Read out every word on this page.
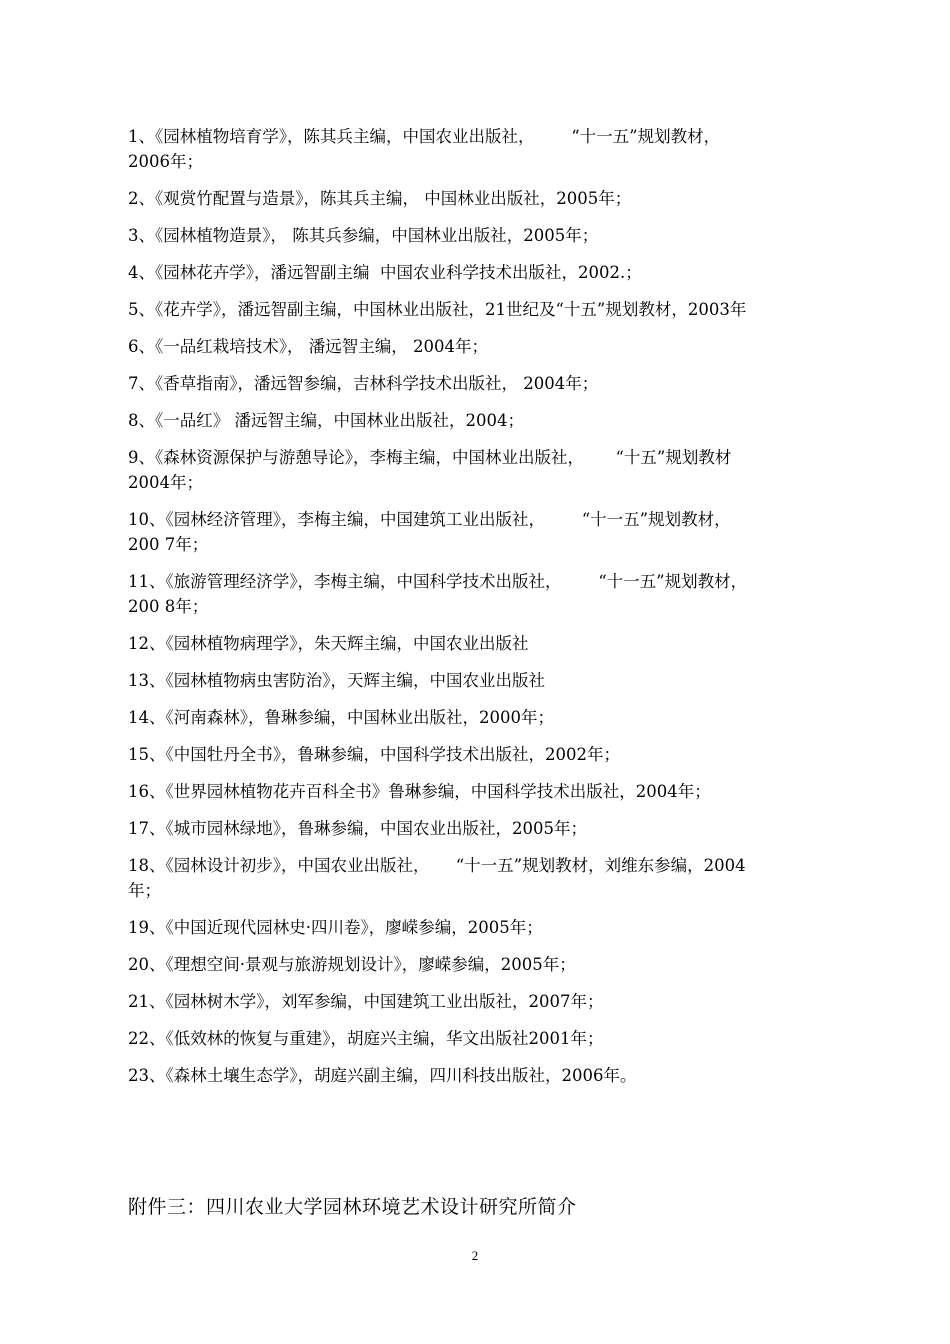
1、《园林植物培育学》，陈其兵主编，中国农业出版社，       “十一五”规划教材，
2006年；

2、《观赏竹配置与造景》，陈其兵主编， 中国林业出版社，2005年；

3、《园林植物造景》， 陈其兵参编，中国林业出版社，2005年；

4、《园林花卉学》，潘远智副主编  中国农业科学技术出版社，2002.；

5、《花卉学》，潘远智副主编，中国林业出版社，21世纪及“十五”规划教材，2003年

6、《一品红栽培技术》， 潘远智主编， 2004年；

7、《香草指南》，潘远智参编，吉林科学技术出版社， 2004年；

8、《一品红》 潘远智主编，中国林业出版社，2004；

9、《森林资源保护与游憩导论》，李梅主编，中国林业出版社，      “十五”规划教材
2004年；

10、《园林经济管理》，李梅主编，中国建筑工业出版社，       “十一五”规划教材，
200 7年；

11、《旅游管理经济学》，李梅主编，中国科学技术出版社，       “十一五”规划教材，
200 8年；

12、《园林植物病理学》，朱天辉主编，中国农业出版社

13、《园林植物病虫害防治》，天辉主编，中国农业出版社

14、《河南森林》，鲁琳参编，中国林业出版社，2000年；

15、《中国牡丹全书》，鲁琳参编，中国科学技术出版社，2002年；

16、《世界园林植物花卉百科全书》鲁琳参编，中国科学技术出版社，2004年；

17、《城市园林绿地》，鲁琳参编，中国农业出版社，2005年；

18、《园林设计初步》，中国农业出版社，     “十一五”规划教材，刘维东参编，2004
年；

19、《中国近现代园林史·四川卷》，廖嵘参编，2005年；

20、《理想空间·景观与旅游规划设计》，廖嵘参编，2005年；

21、《园林树木学》，刘军参编，中国建筑工业出版社，2007年；

22、《低效林的恢复与重建》，胡庭兴主编，华文出版社2001年；

23、《森林土壤生态学》，胡庭兴副主编，四川科技出版社，2006年。

附件三：四川农业大学园林环境艺术设计研究所简介
2
